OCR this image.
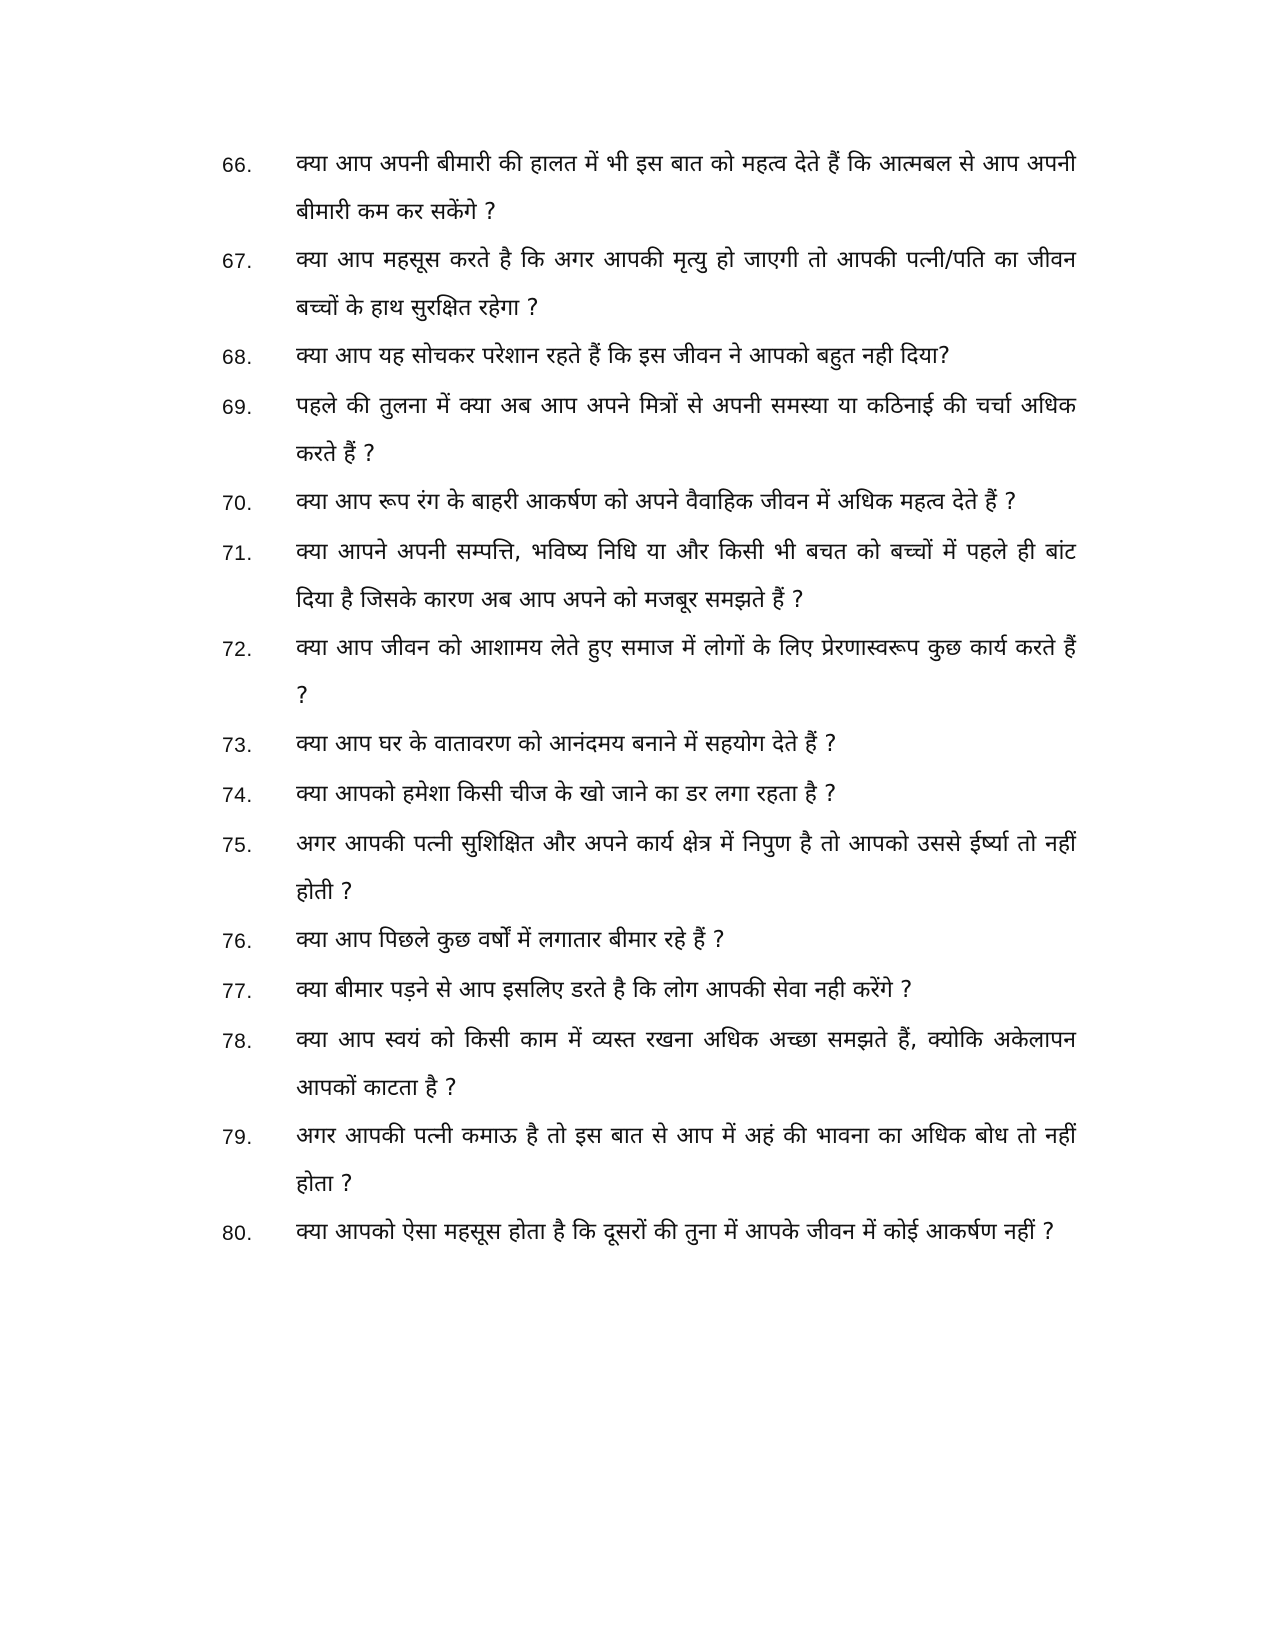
66.	क्या आप अपनी बीमारी की हालत में भी इस बात को महत्व देते हैं कि आत्मबल से आप अपनी बीमारी कम कर सकेंगे ?
67.	क्या आप महसूस करते है कि अगर आपकी मृत्यु हो जाएगी तो आपकी पत्नी/पति का जीवन बच्चों के हाथ सुरक्षित रहेगा ?
68.	क्या आप यह सोचकर परेशान रहते हैं कि इस जीवन ने आपको बहुत नही दिया?
69.	पहले की तुलना में क्या अब आप अपने मित्रों से अपनी समस्या या कठिनाई की चर्चा अधिक करते हैं ?
70.	क्या आप रूप रंग के बाहरी आकर्षण को अपने वैवाहिक जीवन में अधिक महत्व देते हैं ?
71.	क्या आपने अपनी सम्पत्ति, भविष्य निधि या और किसी भी बचत को बच्चों में पहले ही बांट दिया है जिसके कारण अब आप अपने को मजबूर समझते हैं ?
72.	क्या आप जीवन को आशामय लेते हुए समाज में लोगों के लिए प्रेरणास्वरूप कुछ कार्य करते हैं ?
73.	क्या आप घर के वातावरण को आनंदमय बनाने में सहयोग देते हैं ?
74.	क्या आपको हमेशा किसी चीज के खो जाने का डर लगा रहता है ?
75.	अगर आपकी पत्नी सुशिक्षित और अपने कार्य क्षेत्र में निपुण है तो आपको उससे ईर्ष्या तो नहीं होती ?
76.	क्या आप पिछले कुछ वर्षों में लगातार बीमार रहे हैं ?
77.	क्या बीमार पड़ने से आप इसलिए डरते है कि लोग आपकी सेवा नही करेंगे ?
78.	क्या आप स्वयं को किसी काम में व्यस्त रखना अधिक अच्छा समझते हैं, क्योकि अकेलापन आपकों काटता है ?
79.	अगर आपकी पत्नी कमाऊ है तो इस बात से आप में अहं की भावना का अधिक बोध तो नहीं होता ?
80.	क्या आपको ऐसा महसूस होता है कि दूसरों की तुना में आपके जीवन में कोई आकर्षण नहीं ?
